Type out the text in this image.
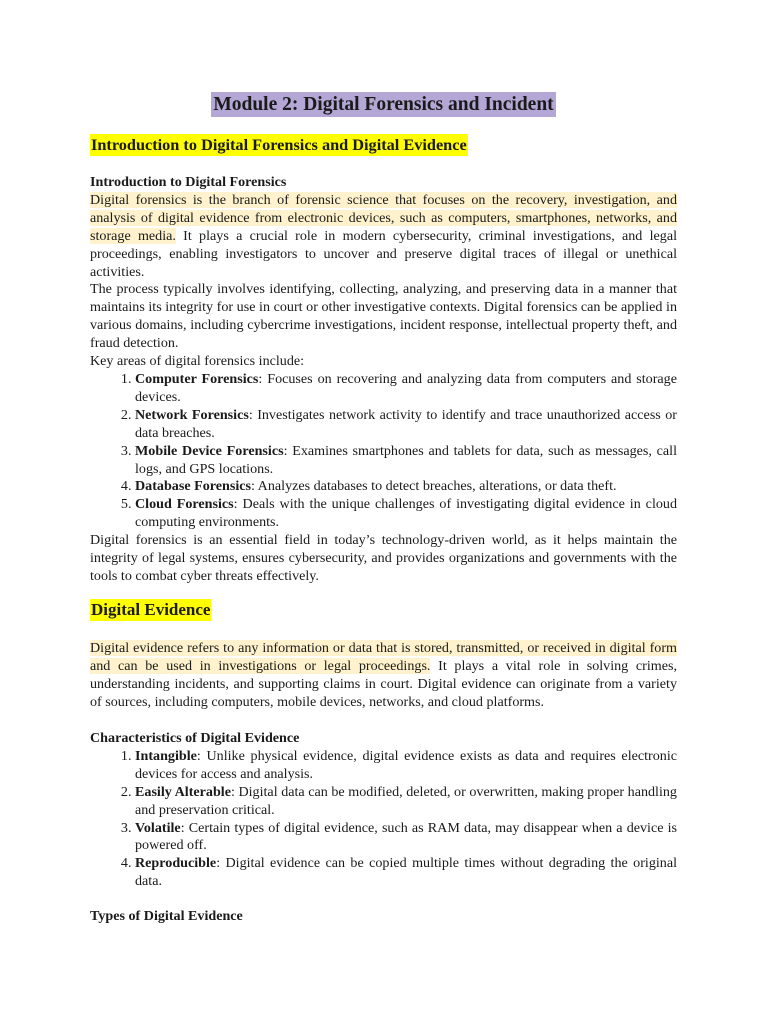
Module 2: Digital Forensics and Incident
Introduction to Digital Forensics and Digital Evidence

Introduction to Digital Forensics

Digital forensics is the branch of forensic science that focuses on the recovery, investigation, and analysis of digital evidence from electronic devices, such as computers, smartphones, networks, and storage media. It plays a crucial role in modern cybersecurity, criminal investigations, and legal proceedings, enabling investigators to uncover and preserve digital traces of illegal or unethical activities.

The process typically involves identifying, collecting, analyzing, and preserving data in a manner that maintains its integrity for use in court or other investigative contexts. Digital forensics can be applied in various domains, including cybercrime investigations, incident response, intellectual property theft, and fraud detection.

Key areas of digital forensics include:

1. Computer Forensics: Focuses on recovering and analyzing data from computers and storage devices.
2. Network Forensics: Investigates network activity to identify and trace unauthorized access or data breaches.
3. Mobile Device Forensics: Examines smartphones and tablets for data, such as messages, call logs, and GPS locations.
4. Database Forensics: Analyzes databases to detect breaches, alterations, or data theft.
5. Cloud Forensics: Deals with the unique challenges of investigating digital evidence in cloud computing environments.

Digital forensics is an essential field in today’s technology-driven world, as it helps maintain the integrity of legal systems, ensures cybersecurity, and provides organizations and governments with the tools to combat cyber threats effectively.

Digital Evidence

Digital evidence refers to any information or data that is stored, transmitted, or received in digital form and can be used in investigations or legal proceedings. It plays a vital role in solving crimes, understanding incidents, and supporting claims in court. Digital evidence can originate from a variety of sources, including computers, mobile devices, networks, and cloud platforms.

Characteristics of Digital Evidence

1. Intangible: Unlike physical evidence, digital evidence exists as data and requires electronic devices for access and analysis.
2. Easily Alterable: Digital data can be modified, deleted, or overwritten, making proper handling and preservation critical.
3. Volatile: Certain types of digital evidence, such as RAM data, may disappear when a device is powered off.
4. Reproducible: Digital evidence can be copied multiple times without degrading the original data.

Types of Digital Evidence
